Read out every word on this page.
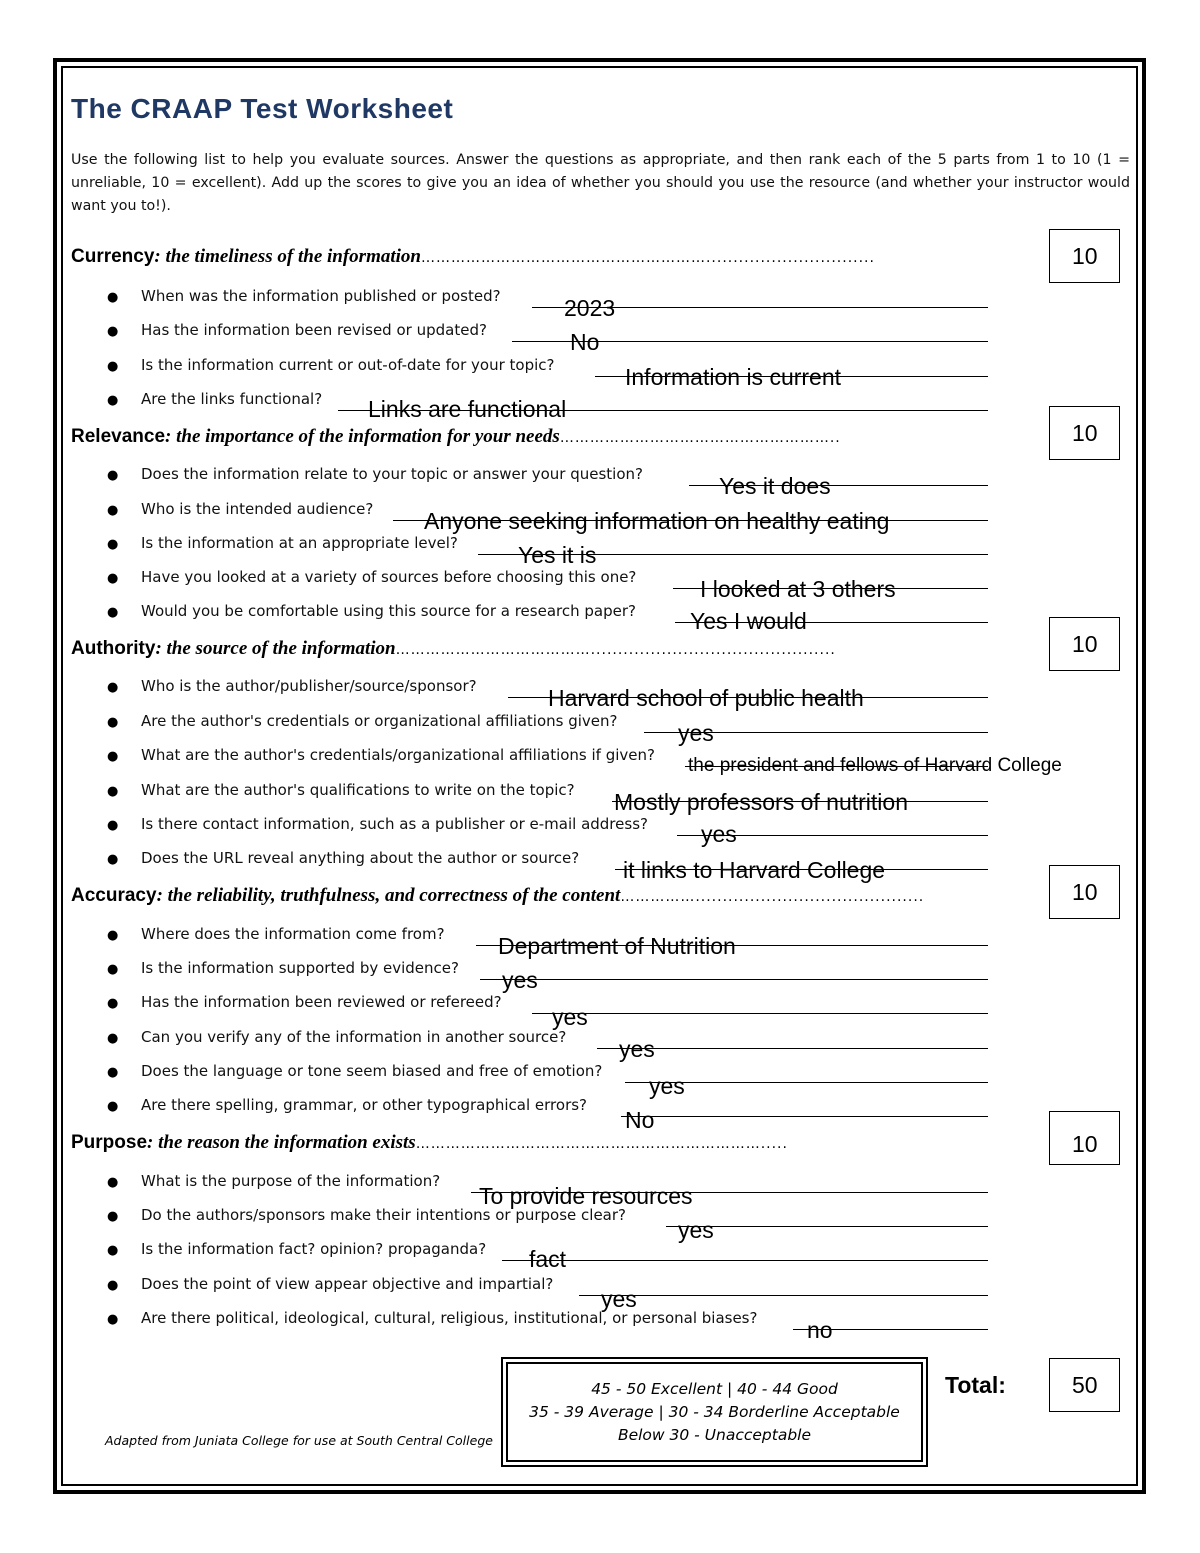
The CRAAP Test Worksheet
Use the following list to help you evaluate sources. Answer the questions as appropriate, and then rank each of the 5 parts from 1 to 10 (1 = unreliable, 10 = excellent). Add up the scores to give you an idea of whether you should you use the resource (and whether your instructor would want you to!).
Currency: the timeliness of the information…………………………………………………...............................	10
● When was the information published or posted?	2023
● Has the information been revised or updated?	No
● Is the information current or out-of-date for your topic?	Information is current
● Are the links functional? Links are functional
Relevance: the importance of the information for your needs………………………………………………..	10
● Does the information relate to your topic or answer your question?	Yes it does
● Who is the intended audience? Anyone seeking information on healthy eating
● Is the information at an appropriate level?	Yes it is
● Have you looked at a variety of sources before choosing this one?	I looked at 3 others
● Would you be comfortable using this source for a research paper? Yes I would
Authority: the source of the information………………………………….............................................	10
● Who is the author/publisher/source/sponsor?	Harvard school of public health
● Are the author's credentials or organizational affiliations given?	yes
● What are the author's credentials/organizational affiliations if given? the president and fellows of Harvard College
● What are the author's qualifications to write on the topic? Mostly professors of nutrition
● Is there contact information, such as a publisher or e-mail address? yes
● Does the URL reveal anything about the author or source? it links to Harvard College
Accuracy: the reliability, truthfulness, and correctness of the content……………..........................................	10
● Where does the information come from? Department of Nutrition
● Is the information supported by evidence? yes
● Has the information been reviewed or refereed?
yes
● Can you verify any of the information in another source? yes
● Does the language or tone seem biased and free of emotion?
yes
● Are there spelling, grammar, or other typographical errors?
No
Purpose: the reason the information exists…………………………………………………………….....	10
● What is the purpose of the information?
To provide resources
● Do the authors/sponsors make their intentions or purpose clear?
yes
● Is the information fact? opinion? propaganda? fact
● Does the point of view appear objective and impartial?
yes
● Are there political, ideological, cultural, religious, institutional, or personal biases? no
Adapted from Juniata College for use at South Central College
45 - 50 Excellent | 40 - 44 Good
35 - 39 Average | 30 - 34 Borderline Acceptable
Below 30 - Unacceptable
Total:	50
